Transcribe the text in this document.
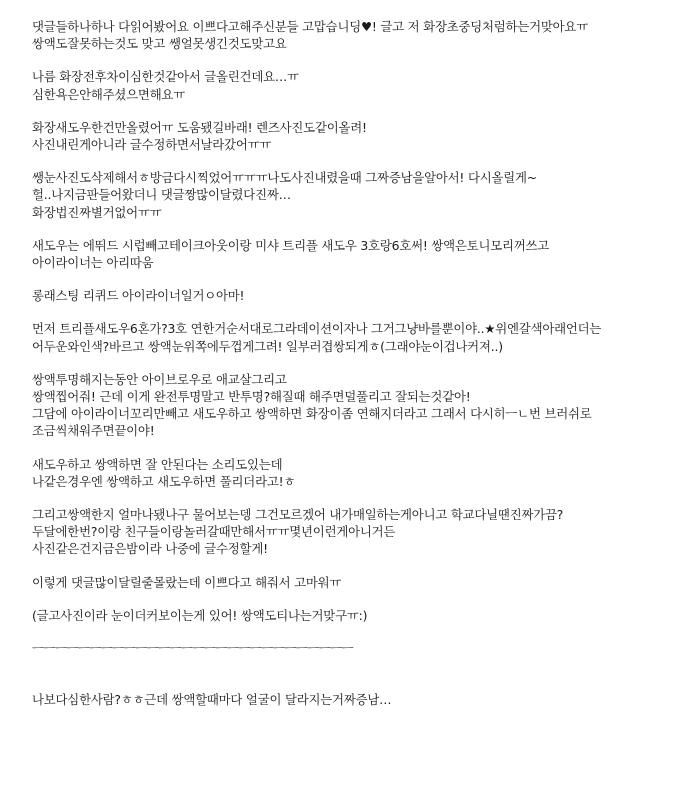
댓글들하나하나 다읽어봤어요 이쁘다고해주신분들 고맙습니딩♥! 글고 저 화장초중딩처럼하는거맞아요ㅠ
쌍액도잘못하는것도 맞고 쌩얼못생긴것도맞고요
나름 화장전후차이심한것같아서 글올린건데요…ㅠ
심한욕은안해주셨으면해요ㅠ
화장새도우한건만올렸어ㅠ 도움됐길바래! 렌즈사진도같이올려!
사진내린게아니라 글수정하면서날라갔어ㅠㅠ
쌩눈사진도삭제해서ㅎ방금다시찍었어ㅠㅠㅠ나도사진내렸을때 그짜증남을알아서! 다시올릴게~
헐..나지금판들어왔더니 댓글짱많이달렸다진짜…
화장법진짜별거없어ㅠㅠ
새도우는 에뛰드 시럽빼고테이크아웃이랑 미샤 트리플 새도우 3호랑6호써! 쌍액은토니모리꺼쓰고
아이라이너는 아리따움
롱래스팅 리퀴드 아이라이너일거ㅇ아마!
먼저 트리플새도우6혼가?3호 연한거순서대로그라데이션이자나 그거그냥바를뿐이야..★위엔갈색아래언더는
어두운와인색?바르고 쌍액눈위쪽에두껍게그려! 일부러겹쌍되게ㅎ(그래야눈이겁나커져..)
쌍액투명해지는동안 아이브로우로 애교살그리고
쌍액찝어줘! 근데 이게 완전투명말고 반투명?해질때 해주면덜풀리고 잘되는것같아!
그담에 아이라이너꼬리만빼고 새도우하고 쌍액하면 화장이좀 연해지더라고 그래서 다시히ㅡㄴ번 브러쉬로
조금씩채워주면끝이야!
새도우하고 쌍액하면 잘 안된다는 소리도있는데
나같은경우엔 쌍액하고 새도우하면 풀리더라고!ㅎ
그리고쌍액한지 얼마나됐나구 물어보는뎅 그건모르겠어 내가매일하는게아니고 학교다닐땐진짜가끔?
두달에한번?이랑 친구들이랑놀러갈때만해서ㅠㅠ몇년이런게아니거든
사진같은건지금은밤이라 나중에 글수정할게!
이렇게 댓글많이달릴줄몰랐는데 이쁘다고 해줘서 고마워ㅠ
(글고사진이라 눈이더커보이는게 있어! 쌍액도티나는거맞구ㅠ:)
ㅡㅡㅡㅡㅡㅡㅡㅡㅡㅡㅡㅡㅡㅡㅡㅡㅡㅡㅡㅡㅡㅡㅡㅡㅡㅡㅡㅡ
나보다심한사람?ㅎㅎ근데 쌍액할때마다 얼굴이 달라지는거짜증남…
